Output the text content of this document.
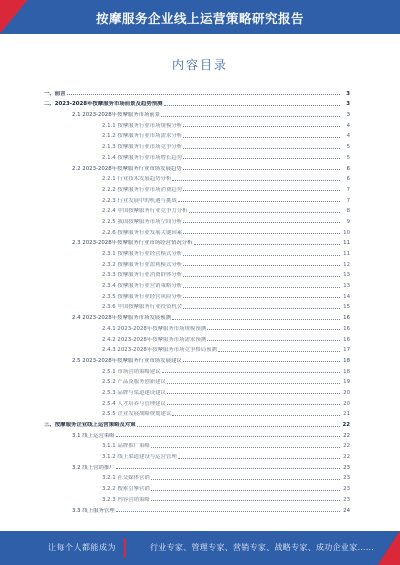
按摩服务企业线上运营策略研究报告
内容目录
一、前言	3
二、2023-2028年按摩服务市场前景及趋势预测	3
2.1 2023-2028年按摩服务市场前景	3
2.1.1 按摩服务行业市场规模分析	4
2.1.2 按摩服务行业市场需求分析	4
2.1.3 按摩服务行业市场竞争分析	5
2.1.4 按摩服务行业市场增长趋势	5
2.2 2023-2028年按摩服务行业市场发展趋势	6
2.2.1 行业技术发展趋势分析	6
2.2.2 按摩服务行业市场消费趋势	7
2.2.3 行业发展中的机遇与挑战	7
2.2.4 中国按摩服务行业竞争力分析	8
2.2.5 我国按摩服务市场空间分析	9
2.2.6 按摩服务行业发展关键因素	10
2.3 2023-2028年按摩服务行业市场经营情况分析	11
2.3.1 按摩服务行业经营模式分析	11
2.3.2 按摩服务行业盈利模式分析	12
2.3.3 按摩服务行业消费群体分析	13
2.3.4 按摩服务行业营销策略分析	13
2.3.5 按摩服务行业经营风险分析	14
2.3.6 中国按摩服务行业投资机会	15
2.4 2023-2028年按摩服务市场发展预测	16
2.4.1 2023-2028年按摩服务市场规模预测	16
2.4.2 2023-2028年按摩服务市场需求预测	16
2.4.3 2023-2028年按摩服务市场竞争格局预测	17
2.5 2023-2028年按摩服务行业市场发展建议	18
2.5.1 市场营销策略建议	18
2.5.2 产品及服务创新建议	19
2.5.3 品牌与渠道建设建议	20
2.5.4 人才培养与管理建议	20
2.5.5 企业发展战略规划建议	21
三、按摩服务企业线上运营策略及对策	22
3.1 线上运营策略	22
3.1.1 品牌推广策略	22
3.1.2 线上渠道建设与运营管理	22
3.2 线上营销推广	23
3.2.1 社交媒体营销	23
3.2.2 搜索引擎营销	23
3.2.3 内容营销策略	23
3.3 线上服务管理	24
让每个人都能成为	行业专家、管理专家、营销专家、战略专家、成功企业家……
